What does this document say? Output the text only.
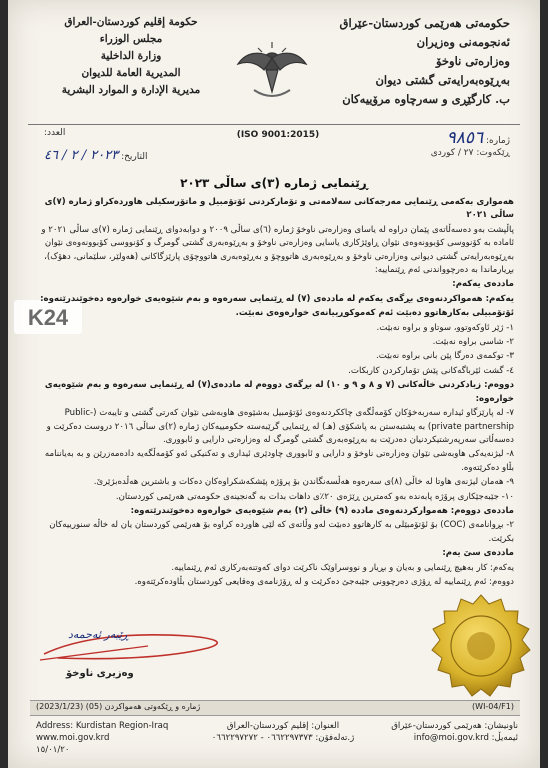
حکومەتی هەرێمی کوردستان-عێراق
ئەنجومەنی وەزیران
وەزارەتی ناوخۆ
بەڕێوەبەرایەتی گشتی دیوان
ب. کارگێڕی و سەرچاوە مرۆییەکان
حكومة إقليم كوردستان-العراق
مجلس الوزراء
وزارة الداخلية
المديرية العامة للديوان
مديرية الإدارة و الموارد البشرية
(ISO 9001:2015)
ژمارە: ٩٨٥٦
ڕێکەوت: ٢٧ / کوردی
العدد:
التاريخ: ٢٠٢٣ / ٢ / ٤٦
ڕێنمایی ژمارە (٣)ی ساڵی ٢٠٢٣
K24

هەمواری بەکەمی ڕێنمایی مەرجەکانی سەلامەتی و تۆمارکردنی ئۆتۆمبیل و ماتۆرسکیلی هاوردەکراو ژمارە (٧)ی ساڵی ٢٠٢١

پاڵپشت بەو دەسەڵاتەی پێمان دراوە لە یاسای وەزارەتی ناوخۆ ژمارە (٦)ی ساڵی ٢٠٠٩ و دوابەدوای ڕێنمایی ژمارە (٧)ی ساڵی ٢٠٢١ و ئامادە بە کۆنووسی کۆبوونەوەی نێوان ڕاوێژکاری یاسایی وەزارەتی ناوخۆ و بەڕێوەبەری گشتی گومرگ و کۆنووسی کۆبوونەوەی نێوان بەڕێوەبەرایەتی گشتی دیوانی وەزارەتی ناوخۆ و بەڕێوەبەری هاتووچۆ و بەڕێوەبەری هاتووچۆی پارێزگاکانی (هەولێر، سلێمانی، دهۆک)، بڕیارماندا بە دەرچوواندنی ئەم ڕێنماییە:

ماددەی یەکەم:

یەکەم: هەمواکردنەوەی بڕگەی یەکەم لە ماددەی (٧) لە ڕێنمایی سەرەوە و بەم شێوەیەی خوارەوە دەخوێندرێتەوە:

ئۆتۆمبیلی بەکارهاتوو دەبێت ئەم کەموکوڕییانەی خوارەوەی نەبێت.

١- ژێر ئاوکەوتوو، سوتاو و براوە نەبێت.

٢- شاسی براوە نەبێت.

٣- توکمەی دەرگا پێن بانی براوە نەبێت.

٤- گشت ئێرباگەکانی پێش تۆمارکردن کاربکات.

دووەم: زیادکردنی خاڵەکانی (٧ و ٨ و ٩ و ١٠) لە بڕگەی دووەم لە ماددەی(٧) لە ڕێنمایی سەرەوە و بەم شێوەیەی خوارەوە:

٧- لە پارێزگاو ئیدارە سەربەخۆکان کۆمەڵگەی چاککردنەوەی ئۆتۆمبیل بەشێوەی هاوبەشی نێوان کەرتی گشتی و تایبەت (Public-private partnership) بە پشتبەستن بە پاشکۆی (هـ) لە ڕێنمایی گرێبەستە حکومییەکان ژمارە (٢)ی ساڵی ٢٠١٦ دروست دەکرێت و دەسەڵاتی سەرپەرشتیکردنیان دەدرێت بە بەڕێوەبەری گشتی گومرگ لە وەزارەتی دارایی و ئابووری.

٨- لیژنەیەکی هاوبەشی نێوان وەزارەتی ناوخۆ و دارایی و ئابووری چاودێری ئیداری و تەکنیکی ئەو کۆمەڵگەیە دادەمەزرێن و بە بەیاننامە بڵاو دەکرێتەوە.

٩- هەمان لیژنەی هاوتا لە خاڵی (٨)ی سەرەوە هەڵسەنگاندن بۆ پرۆژە پێشکەشکراوەکان دەکات و باشترین هەڵدەبژێرێ.

١٠- جێبەجێکاری پرۆژە پابەندە بەو کەمترین ڕێژەی ٢٠٪ی داهات بدات بە گەنجینەی حکومەتی هەرێمی کوردستان.

ماددەی دووەم: هەموارکردنەوەی ماددە (٩) خاڵی (٢) بەم شێوەیەی خوارەوە دەخوێندرێتەوە:

٢- بڕوانامەی (COC) بۆ ئۆتۆمبێلی بە کارهاتوو دەبێت لەو وڵاتەی کە لێی هاوردە کراوە بۆ هەرێمی کوردستان یان لە خاڵە سنورییەکان بکرێت.

ماددەی سێ یەم:

یەکەم: کار بەهیچ ڕێنمایی و بەیان و بڕیار و نووسراوێک ناکرێت دوای کەوتنەبەرکاری ئەم ڕێنماییە.

دووەم: ئەم ڕێنماییە لە ڕۆژی دەرچوونی جێبەجێ دەکرێت و لە ڕۆژنامەی وەقایعی کوردستان بڵاودەکرێتەوە.

ڕێبەر ئەحمەد
وەزیری ناوخۆ
(2023/1/23) (05) ژمارە و ڕێکەوتی هەمواکردن	(WI-04/F1)
Address: Kurdistan Region-Iraq
www.moi.gov.krd
١٥/٠١/٢٠
العنوان: إقليم كوردستان-العراق
ژ.تەلەفۆن: ٠٦٦٢٢٩٧٣٧٣ - ٠٦٦٢٢٩٧٢٧٢
ناونیشان: هەرێمی کوردستان-عێراق
ئیمەیڵ: info@moi.gov.krd
